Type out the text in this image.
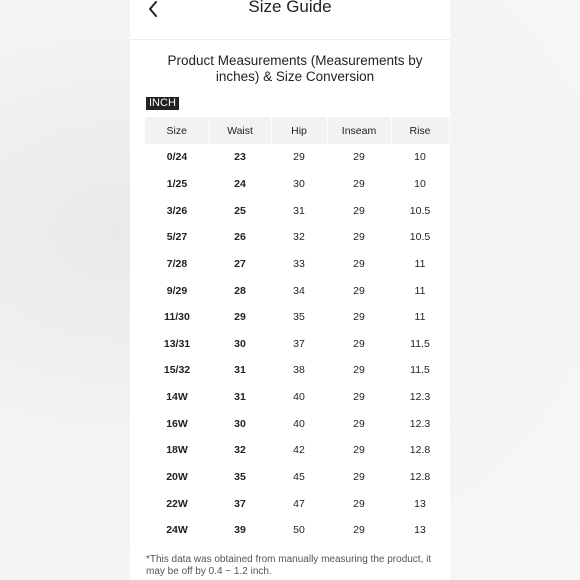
Size Guide
Product Measurements (Measurements by inches) & Size Conversion
INCH
Size	Waist	Hip	Inseam	Rise
0/24	23	29	29	10
1/25	24	30	29	10
3/26	25	31	29	10.5
5/27	26	32	29	10.5
7/28	27	33	29	11
9/29	28	34	29	11
11/30	29	35	29	11
13/31	30	37	29	11.5
15/32	31	38	29	11.5
14W	31	40	29	12.3
16W	30	40	29	12.3
18W	32	42	29	12.8
20W	35	45	29	12.8
22W	37	47	29	13
24W	39	50	29	13
*This data was obtained from manually measuring the product, it may be off by 0.4 ~ 1.2 inch.
